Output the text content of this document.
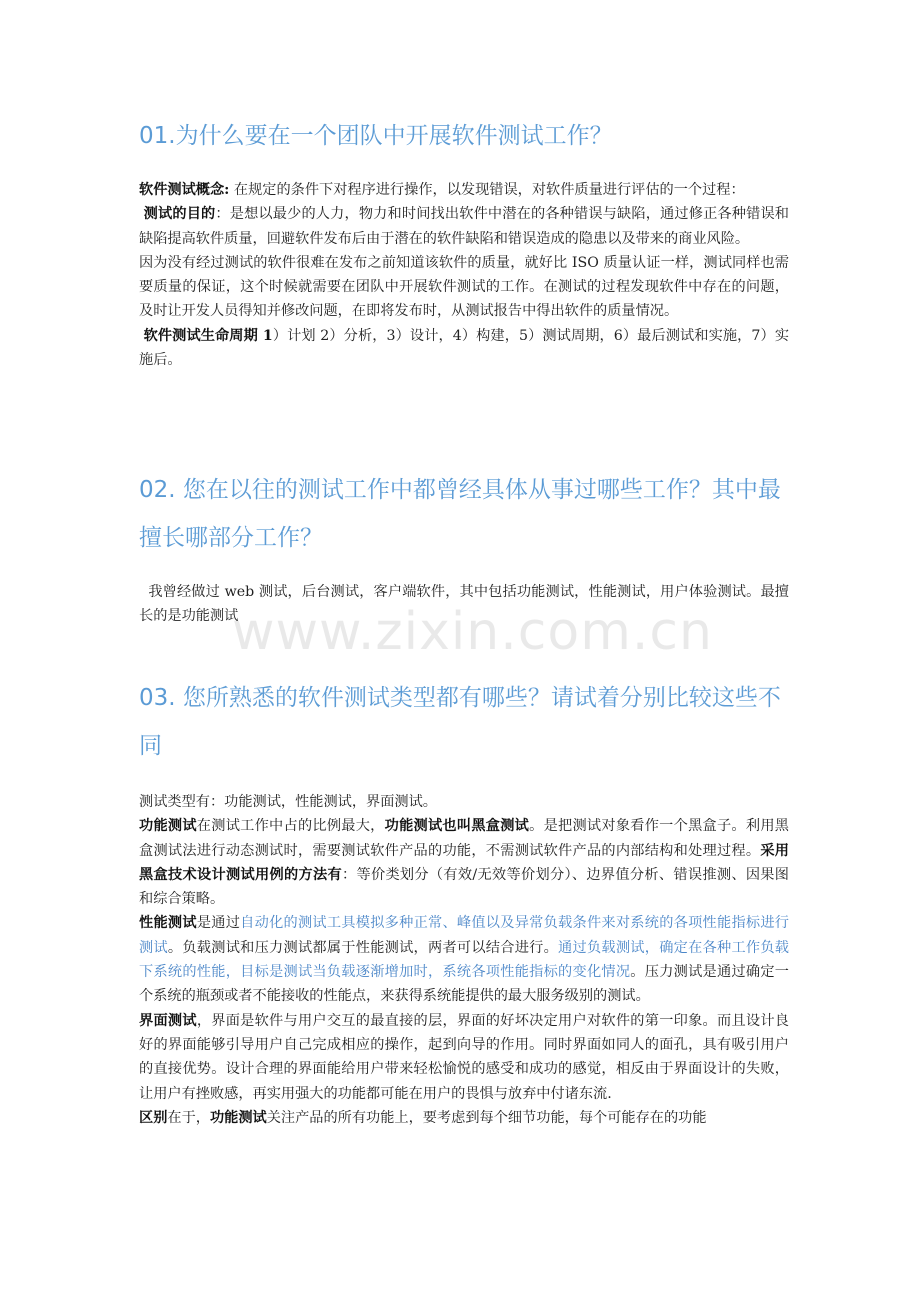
www.zixin.com.cn
01.为什么要在一个团队中开展软件测试工作？

软件测试概念: 在规定的条件下对程序进行操作，以发现错误，对软件质量进行评估的一个过程：

测试的目的：是想以最少的人力，物力和时间找出软件中潜在的各种错误与缺陷，通过修正各种错误和缺陷提高软件质量，回避软件发布后由于潜在的软件缺陷和错误造成的隐患以及带来的商业风险。

因为没有经过测试的软件很难在发布之前知道该软件的质量，就好比 ISO 质量认证一样，测试同样也需要质量的保证，这个时候就需要在团队中开展软件测试的工作。在测试的过程发现软件中存在的问题，及时让开发人员得知并修改问题，在即将发布时，从测试报告中得出软件的质量情况。

软件测试生命周期 1）计划 2）分析，3）设计，4）构建，5）测试周期，6）最后测试和实施，7）实施后。

02. 您在以往的测试工作中都曾经具体从事过哪些工作？其中最擅长哪部分工作？

我曾经做过 web 测试，后台测试，客户端软件，其中包括功能测试，性能测试，用户体验测试。最擅长的是功能测试

03. 您所熟悉的软件测试类型都有哪些？请试着分别比较这些不同

测试类型有：功能测试，性能测试，界面测试。

功能测试在测试工作中占的比例最大，功能测试也叫黑盒测试。是把测试对象看作一个黑盒子。利用黑盒测试法进行动态测试时，需要测试软件产品的功能，不需测试软件产品的内部结构和处理过程。采用黑盒技术设计测试用例的方法有：等价类划分（有效/无效等价划分）、边界值分析、错误推测、因果图和综合策略。

性能测试是通过自动化的测试工具模拟多种正常、峰值以及异常负载条件来对系统的各项性能指标进行测试。负载测试和压力测试都属于性能测试，两者可以结合进行。通过负载测试，确定在各种工作负载下系统的性能，目标是测试当负载逐渐增加时，系统各项性能指标的变化情况。压力测试是通过确定一个系统的瓶颈或者不能接收的性能点，来获得系统能提供的最大服务级别的测试。

界面测试，界面是软件与用户交互的最直接的层，界面的好坏决定用户对软件的第一印象。而且设计良好的界面能够引导用户自己完成相应的操作，起到向导的作用。同时界面如同人的面孔，具有吸引用户的直接优势。设计合理的界面能给用户带来轻松愉悦的感受和成功的感觉，相反由于界面设计的失败，让用户有挫败感，再实用强大的功能都可能在用户的畏惧与放弃中付诸东流.

区别在于，功能测试关注产品的所有功能上，要考虑到每个细节功能，每个可能存在的功能
